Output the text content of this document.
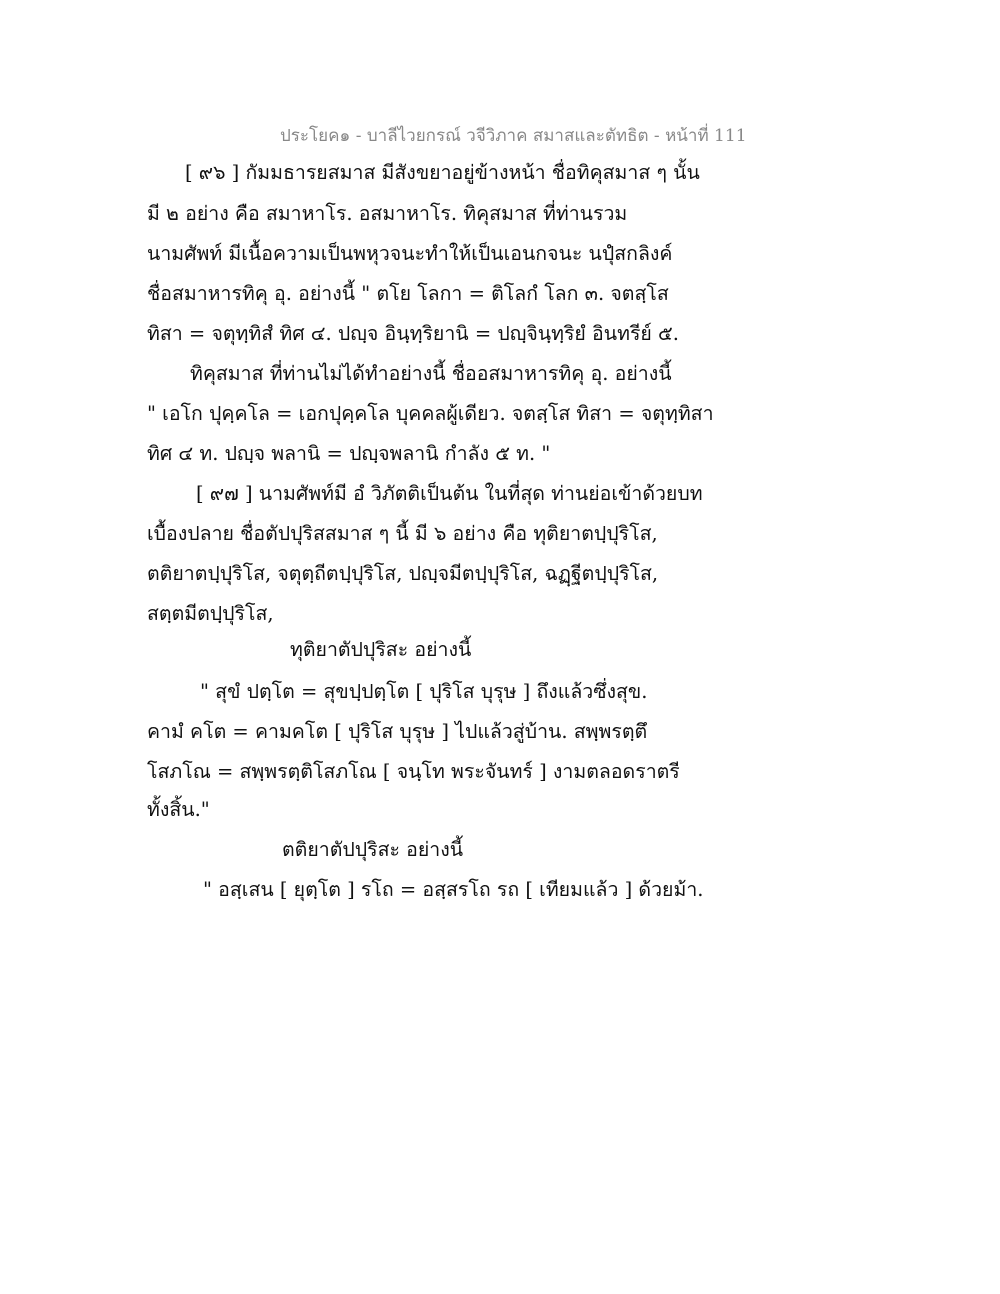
ประโยค๑ - บาลีไวยกรณ์ วจีวิภาค สมาสและตัทธิต - หน้าที่ 111
[ ๙๖ ] กัมมธารยสมาส มีสังขยาอยู่ข้างหน้า ชื่อทิคุสมาส ๆ นั้น
มี ๒ อย่าง คือ สมาหาโร. อสมาหาโร. ทิคุสมาส ที่ท่านรวม
นามศัพท์ มีเนื้อความเป็นพหุวจนะทำให้เป็นเอนกจนะ นปุํสกลิงค์
ชื่อสมาหารทิคุ อุ. อย่างนี้ " ตโย โลกา = ติโลกํ โลก ๓. จตสฺโส
ทิสา = จตุทฺทิสํ ทิศ ๔. ปญฺจ อินฺทฺริยานิ = ปญฺจินฺทฺริยํ อินทรีย์ ๕.
ทิคุสมาส ที่ท่านไม่ได้ทำอย่างนี้ ชื่ออสมาหารทิคุ อุ. อย่างนี้
" เอโก ปุคฺคโล = เอกปุคฺคโล บุคคลผู้เดียว. จตสฺโส ทิสา = จตุทฺทิสา
ทิศ ๔ ท. ปญฺจ พลานิ = ปญฺจพลานิ กำลัง ๕ ท. "
[ ๙๗ ] นามศัพท์มี อํ วิภัตติเป็นต้น ในที่สุด ท่านย่อเข้าด้วยบท
เบื้องปลาย ชื่อตัปปุริสสมาส ๆ นี้ มี ๖ อย่าง คือ ทุติยาตปฺปุริโส,
ตติยาตปฺปุริโส, จตุตฺถีตปฺปุริโส, ปญฺจมีตปฺปุริโส, ฉฏฺฐีตปฺปุริโส,
สตฺตมีตปฺปุริโส,
ทุติยาตัปปุริสะ อย่างนี้
" สุขํ ปตฺโต = สุขปฺปตฺโต [ ปุริโส บุรุษ ] ถึงแล้วซึ่งสุข.
คามํ คโต = คามคโต [ ปุริโส บุรุษ ] ไปแล้วสู่บ้าน. สพฺพรตฺตึ
โสภโณ = สพฺพรตฺติโสภโณ [ จนฺโท พระจันทร์ ] งามตลอดราตรี
ทั้งสิ้น."
ตติยาตัปปุริสะ อย่างนี้
" อสฺเสน [ ยุตฺโต ] รโถ = อสฺสรโถ รถ [ เทียมแล้ว ] ด้วยม้า.
